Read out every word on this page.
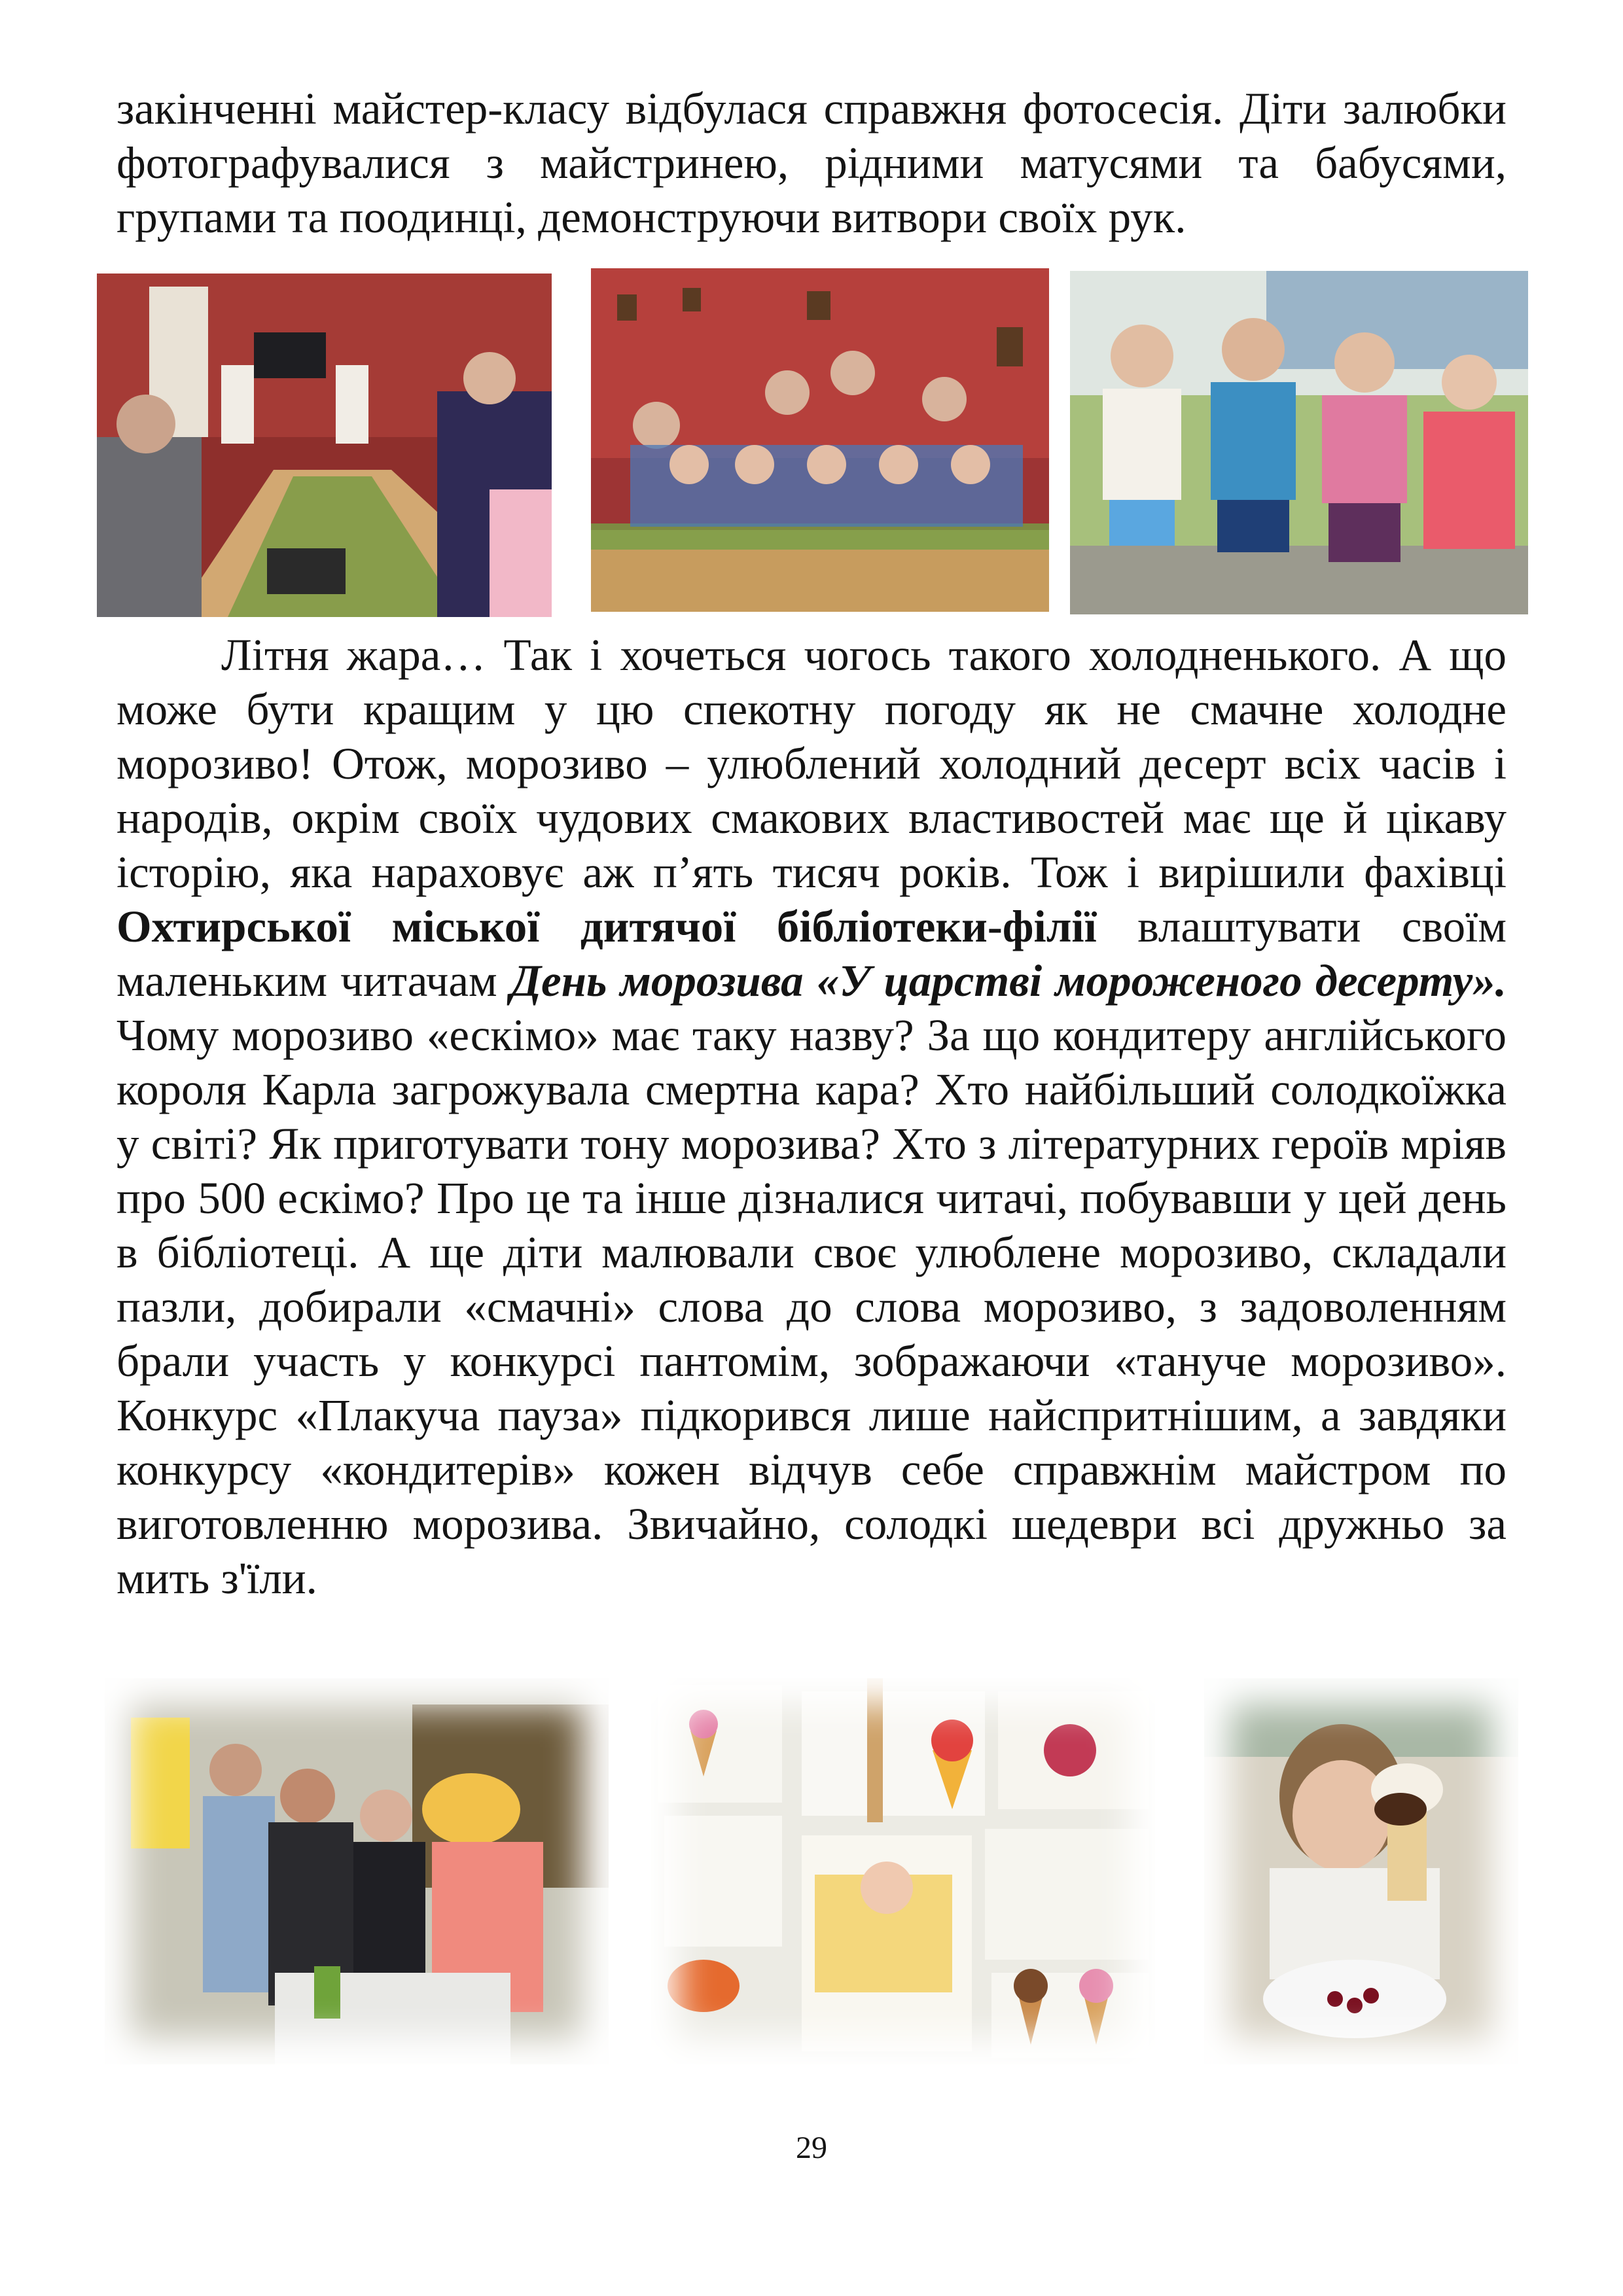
закінченні майстер-класу відбулася справжня фотосесія. Діти залюбки фотографувалися з майстринею, рідними матусями та бабусями, групами та поодинці, демонструючи витвори своїх рук.
Літня жара… Так і хочеться чогось такого холодненького. А що може бути кращим у цю спекотну погоду як не смачне холодне морозиво! Отож, морозиво – улюблений холодний десерт всіх часів і народів, окрім своїх чудових смакових властивостей має ще й цікаву історію, яка нараховує аж п’ять тисяч років. Тож і вирішили фахівці Охтирської міської дитячої бібліотеки-філії влаштувати своїм маленьким читачам День морозива «У царстві мороженого десерту». Чому морозиво «ескімо» має таку назву? За що кондитеру англійського короля Карла загрожувала смертна кара? Хто найбільший солодкоїжка у світі? Як приготувати тону морозива? Хто з літературних героїв мріяв про 500 ескімо? Про це та інше дізналися читачі, побувавши у цей день в бібліотеці. А ще діти малювали своє улюблене морозиво, складали пазли, добирали «смачні» слова до слова морозиво, з задоволенням брали участь у конкурсі пантомім, зображаючи «тануче морозиво». Конкурс «Плакуча пауза» підкорився лише найспритнішим, а завдяки конкурсу «кондитерів» кожен відчув себе справжнім майстром по виготовленню морозива. Звичайно, солодкі шедеври всі дружньо за мить з'їли.
29
